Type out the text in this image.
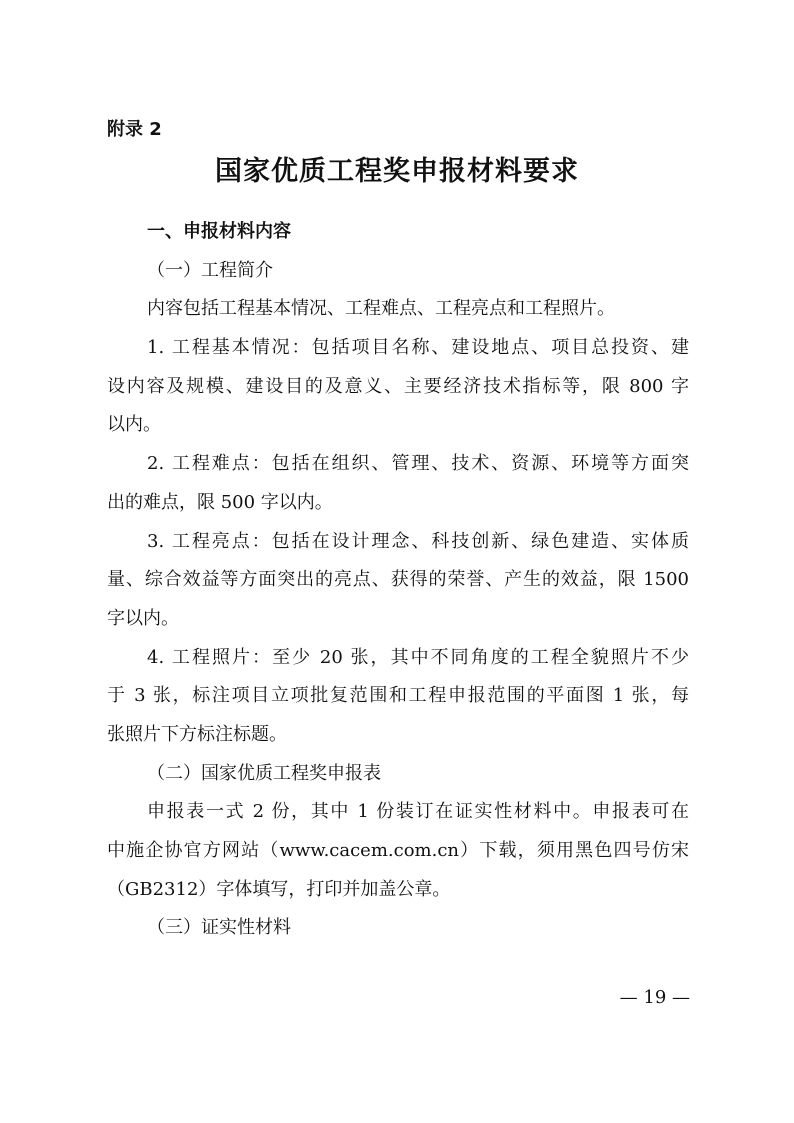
附录 2
国家优质工程奖申报材料要求
一、申报材料内容
（一）工程简介
内容包括工程基本情况、工程难点、工程亮点和工程照片。
1. 工程基本情况：包括项目名称、建设地点、项目总投资、建
设内容及规模、建设目的及意义、主要经济技术指标等，限 800 字
以内。
2. 工程难点：包括在组织、管理、技术、资源、环境等方面突
出的难点，限 500 字以内。
3. 工程亮点：包括在设计理念、科技创新、绿色建造、实体质
量、综合效益等方面突出的亮点、获得的荣誉、产生的效益，限 1500
字以内。
4. 工程照片：至少 20 张，其中不同角度的工程全貌照片不少
于 3 张，标注项目立项批复范围和工程申报范围的平面图 1 张，每
张照片下方标注标题。
（二）国家优质工程奖申报表
申报表一式 2 份，其中 1 份装订在证实性材料中。申报表可在
中施企协官方网站（www.cacem.com.cn）下载，须用黑色四号仿宋
（GB2312）字体填写，打印并加盖公章。
（三）证实性材料
— 19 —
